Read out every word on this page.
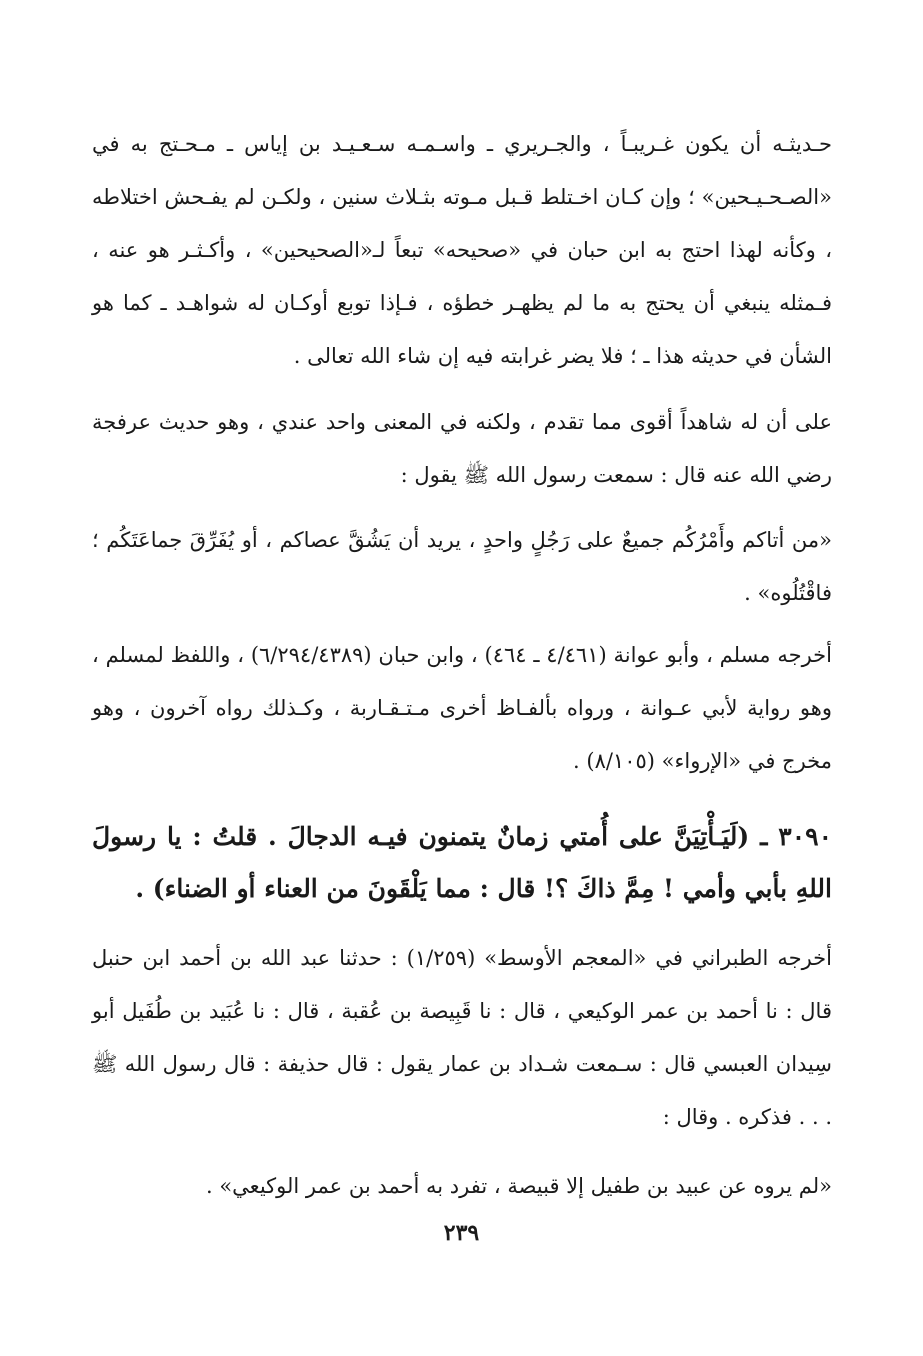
حـديثـه أن يكون غـريبـاً ، والجـريري ـ واسـمـه سـعـيـد بن إياس ـ مـحـتج به في «الصـحـيـحين» ؛ وإن كـان اخـتلط قـبل مـوته بثـلاث سنين ، ولكـن لم يفـحش اختلاطه ، وكأنه لهذا احتج به ابن حبان في «صحيحه» تبعاً لـ«الصحيحين» ، وأكـثـر هو عنه ، فـمثله ينبغي أن يحتج به ما لم يظهـر خطؤه ، فـإذا توبع أوكـان له شواهـد ـ كما هو الشأن في حديثه هذا ـ ؛ فلا يضر غرابته فيه إن شاء الله تعالى .

على أن له شاهداً أقوى مما تقدم ، ولكنه في المعنى واحد عندي ، وهو حديث عرفجة رضي الله عنه قال : سمعت رسول الله ﷺ يقول :

«من أتاكم وأَمْرُكُم جميعٌ على رَجُلٍ واحدٍ ، يريد أن يَشُقَّ عصاكم ، أو يُفَرِّقَ جماعَتَكُم ؛ فاقْتُلُوه» .

أخرجه مسلم ، وأبو عوانة (٤/٤٦١ ـ ٤٦٤) ، وابن حبان (٦/٢٩٤/٤٣٨٩) ، واللفظ لمسلم ، وهو رواية لأبي عـوانة ، ورواه بألفـاظ أخرى مـتـقـاربة ، وكـذلك رواه آخرون ، وهو مخرج في «الإرواء» (٨/١٠٥) .

٣٠٩٠ ـ (لَيَـأْتِيَنَّ على أُمتي زمانٌ يتمنون فيـه الدجالَ . قلتُ : يا رسولَ اللهِ بأبي وأمي ! مِمَّ ذاكَ ؟! قال : مما يَلْقَونَ من العناء أو الضناء) .

أخرجه الطبراني في «المعجم الأوسط» (١/٢٥٩) : حدثنا عبد الله بن أحمد ابن حنبل قال : نا أحمد بن عمر الوكيعي ، قال : نا قَبِيصة بن عُقبة ، قال : نا عُبَيد بن طُفَيل أبو سِيدان العبسي قال : سـمعت شـداد بن عمار يقول : قال حذيفة : قال رسول الله ﷺ . . . فذكره . وقال :

«لم يروه عن عبيد بن طفيل إلا قبيصة ، تفرد به أحمد بن عمر الوكيعي» .

٢٣٩
